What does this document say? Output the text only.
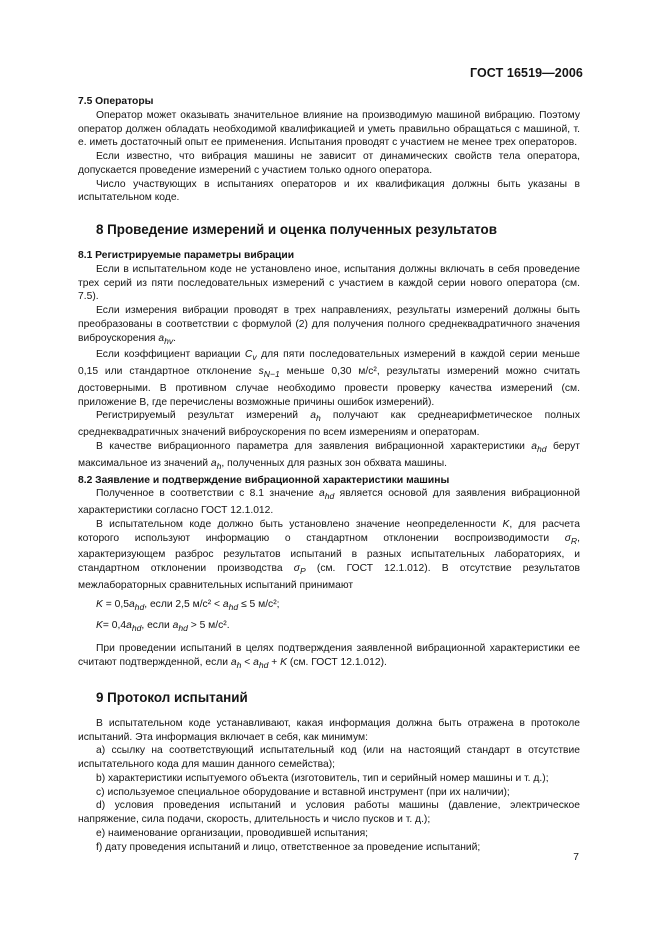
ГОСТ 16519—2006

7.5 Операторы

Оператор может оказывать значительное влияние на производимую машиной вибрацию. Поэтому оператор должен обладать необходимой квалификацией и уметь правильно обращаться с машиной, т. е. иметь достаточный опыт ее применения. Испытания проводят с участием не менее трех операторов.

Если известно, что вибрация машины не зависит от динамических свойств тела оператора, допускается проведение измерений с участием только одного оператора.

Число участвующих в испытаниях операторов и их квалификация должны быть указаны в испытательном коде.

8 Проведение измерений и оценка полученных результатов

8.1 Регистрируемые параметры вибрации

Если в испытательном коде не установлено иное, испытания должны включать в себя проведение трех серий из пяти последовательных измерений с участием в каждой серии нового оператора (см. 7.5).

Если измерения вибрации проводят в трех направлениях, результаты измерений должны быть преобразованы в соответствии с формулой (2) для получения полного среднеквадратичного значения виброускорения $a_{hv}$.

Если коэффициент вариации $C_v$ для пяти последовательных измерений в каждой серии меньше 0,15 или стандартное отклонение $s_{N-1}$ меньше 0,30 м/с², результаты измерений можно считать достоверными. В противном случае необходимо провести проверку качества измерений (см. приложение В, где перечислены возможные причины ошибок измерений).

Регистрируемый результат измерений $a_h$ получают как среднеарифметическое полных среднеквадратичных значений виброускорения по всем измерениям и операторам.

В качестве вибрационного параметра для заявления вибрационной характеристики $a_{hd}$ берут максимальное из значений $a_h$, полученных для разных зон обхвата машины.

8.2 Заявление и подтверждение вибрационной характеристики машины

Полученное в соответствии с 8.1 значение $a_{hd}$ является основой для заявления вибрационной характеристики согласно ГОСТ 12.1.012.

В испытательном коде должно быть установлено значение неопределенности K, для расчета которого используют информацию о стандартном отклонении воспроизводимости $\sigma_R$, характеризующем разброс результатов испытаний в разных испытательных лабораториях, и стандартном отклонении производства $\sigma_P$ (см. ГОСТ 12.1.012). В отсутствие результатов межлабораторных сравнительных испытаний принимают

$K = 0,5a_{hd}$, если 2,5 $м/с^2 < a_{hd} \le 5$ м/с²;

$K= 0,4a_{hd}$, если $a_{hd} > 5$ м/с².

При проведении испытаний в целях подтверждения заявленной вибрационной характеристики ее считают подтвержденной, если $a_h < a_{hd} + K$ (см. ГОСТ 12.1.012).

9 Протокол испытаний

В испытательном коде устанавливают, какая информация должна быть отражена в протоколе испытаний. Эта информация включает в себя, как минимум:

а) ссылку на соответствующий испытательный код (или на настоящий стандарт в отсутствие испытательного кода для машин данного семейства);

b) характеристики испытуемого объекта (изготовитель, тип и серийный номер машины и т. д.);

c) используемое специальное оборудование и вставной инструмент (при их наличии);

d) условия проведения испытаний и условия работы машины (давление, электрическое напряжение, сила подачи, скорость, длительность и число пусков и т. д.);

e) наименование организации, проводившей испытания;

f) дату проведения испытаний и лицо, ответственное за проведение испытаний;

7
